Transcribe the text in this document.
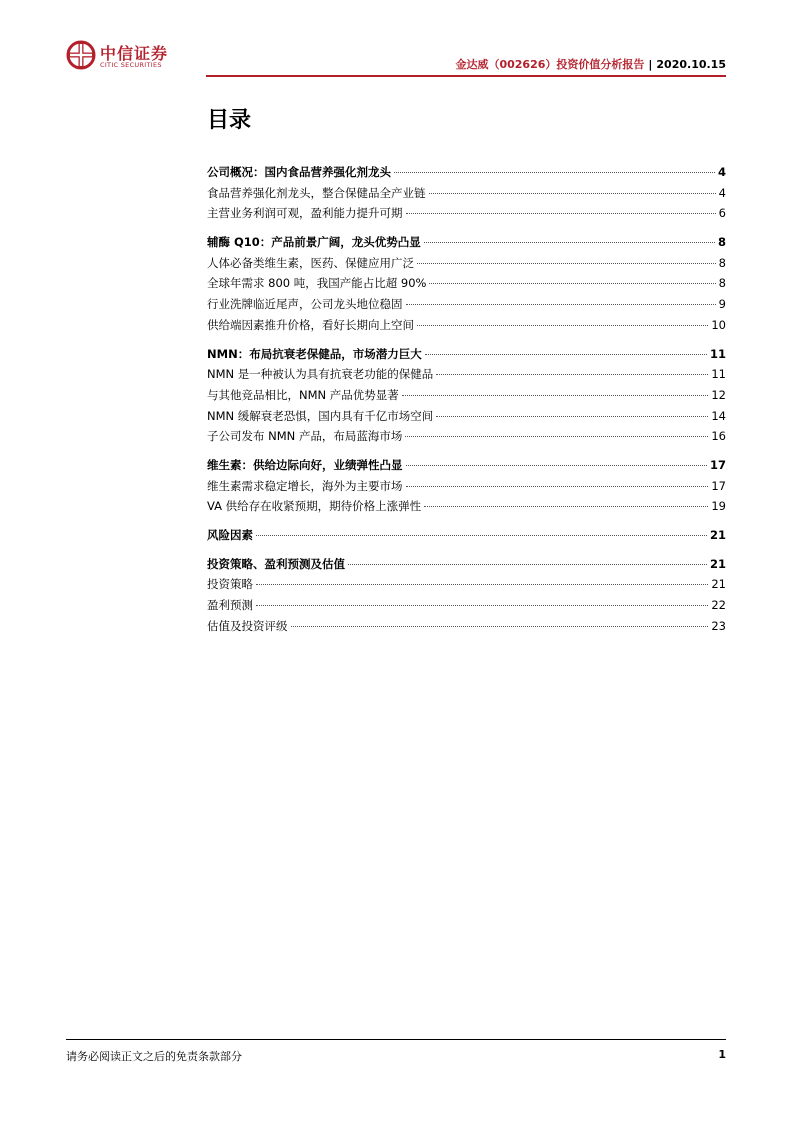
中信证券
CITIC SECURITIES	金达威（002626）投资价值分析报告 | 2020.10.15
目录
公司概况：国内食品营养强化剂龙头	4
食品营养强化剂龙头，整合保健品全产业链	4
主营业务利润可观，盈利能力提升可期	6
辅酶 Q10：产品前景广阔，龙头优势凸显	8
人体必备类维生素，医药、保健应用广泛	8
全球年需求 800 吨，我国产能占比超 90%	8
行业洗牌临近尾声，公司龙头地位稳固	9
供给端因素推升价格，看好长期向上空间	10
NMN：布局抗衰老保健品，市场潜力巨大	11
NMN 是一种被认为具有抗衰老功能的保健品	11
与其他竞品相比，NMN 产品优势显著	12
NMN 缓解衰老恐惧，国内具有千亿市场空间	14
子公司发布 NMN 产品，布局蓝海市场	16
维生素：供给边际向好，业绩弹性凸显	17
维生素需求稳定增长，海外为主要市场	17
VA 供给存在收紧预期，期待价格上涨弹性	19
风险因素	21
投资策略、盈利预测及估值	21
投资策略	21
盈利预测	22
估值及投资评级	23
请务必阅读正文之后的免责条款部分	1
